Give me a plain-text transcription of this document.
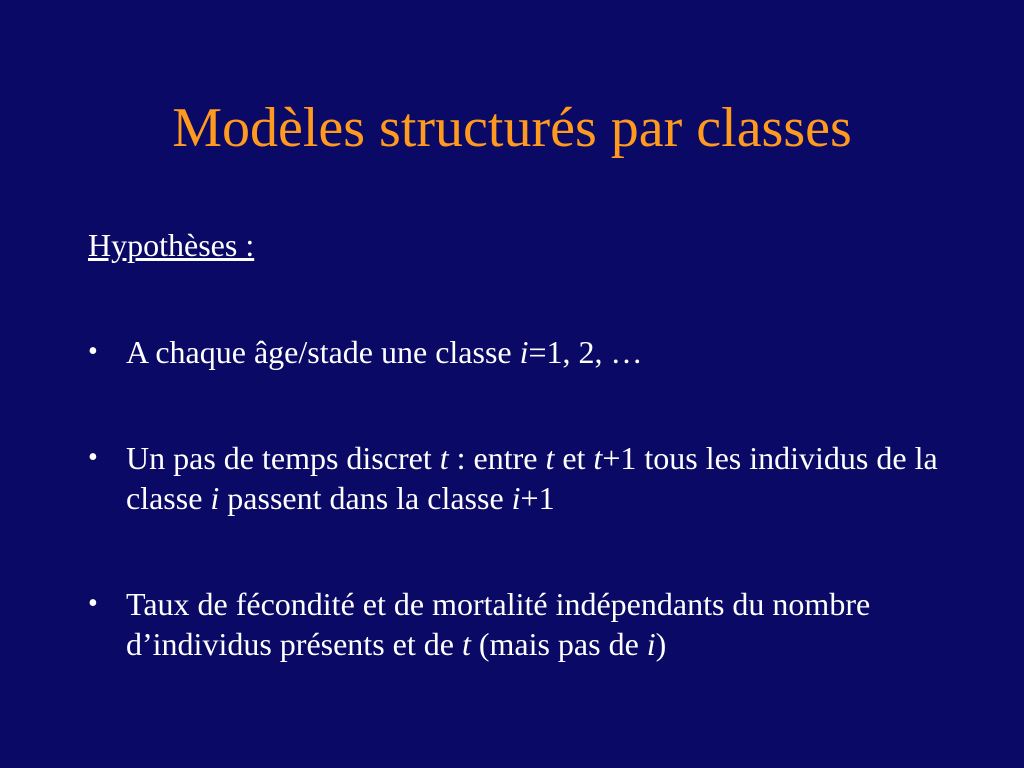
Modèles structurés par classes
Hypothèses :
• A chaque âge/stade une classe i=1, 2, …
• Un pas de temps discret t : entre t et t+1 tous les individus de la classe i passent dans la classe i+1
• Taux de fécondité et de mortalité indépendants du nombre d’individus présents et de t (mais pas de i)
